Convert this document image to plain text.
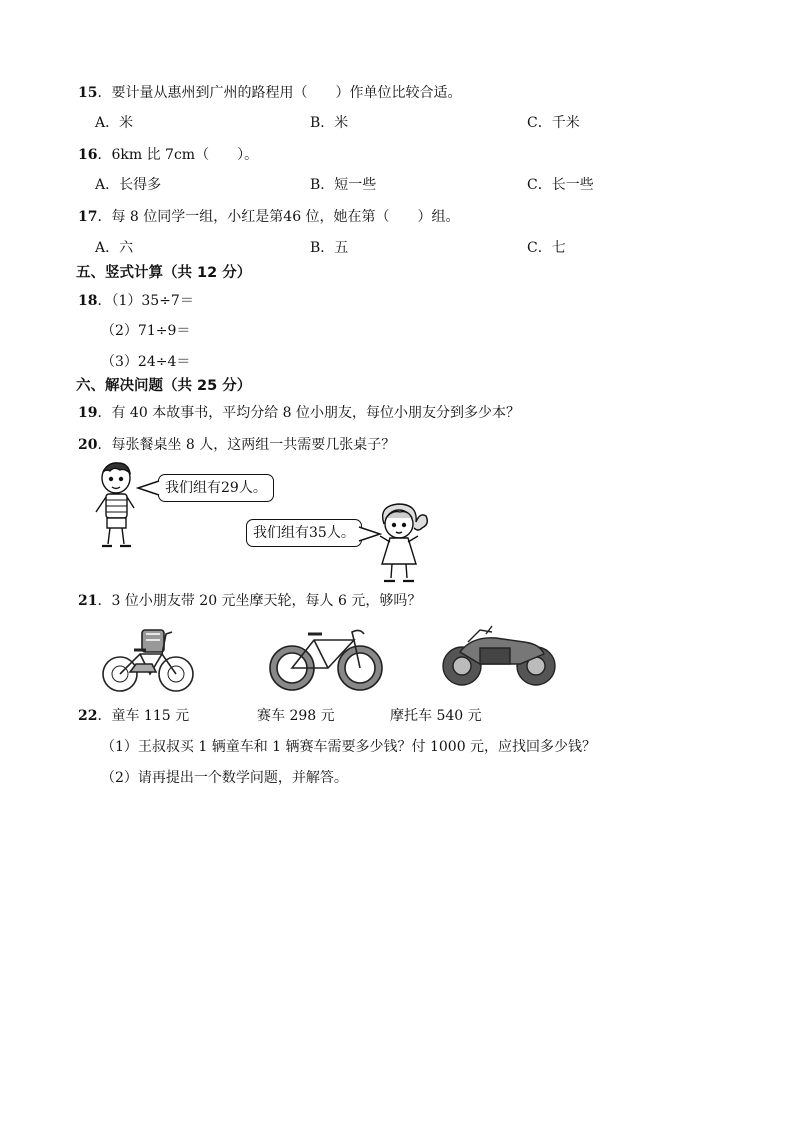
15．要计量从惠州到广州的路程用（　　）作单位比较合适。
A．米	B．米	C．千米
16．6km 比 7cm（　　）。
A．长得多	B．短一些	C．长一些
17．每 8 位同学一组，小红是第46 位，她在第（　　）组。
A．六	B．五	C．七
五、竖式计算（共 12 分）
18．（1）35÷7＝
（2）71÷9＝
（3）24÷4＝
六、解决问题（共 25 分）
19．有 40 本故事书，平均分给 8 位小朋友，每位小朋友分到多少本？
20．每张餐桌坐 8 人，这两组一共需要几张桌子？
我们组有29人。
我们组有35人。
21．3 位小朋友带 20 元坐摩天轮，每人 6 元，够吗？
22．童车 115 元	赛车 298 元	摩托车 540 元
（1）王叔叔买 1 辆童车和 1 辆赛车需要多少钱？付 1000 元，应找回多少钱？
（2）请再提出一个数学问题，并解答。
